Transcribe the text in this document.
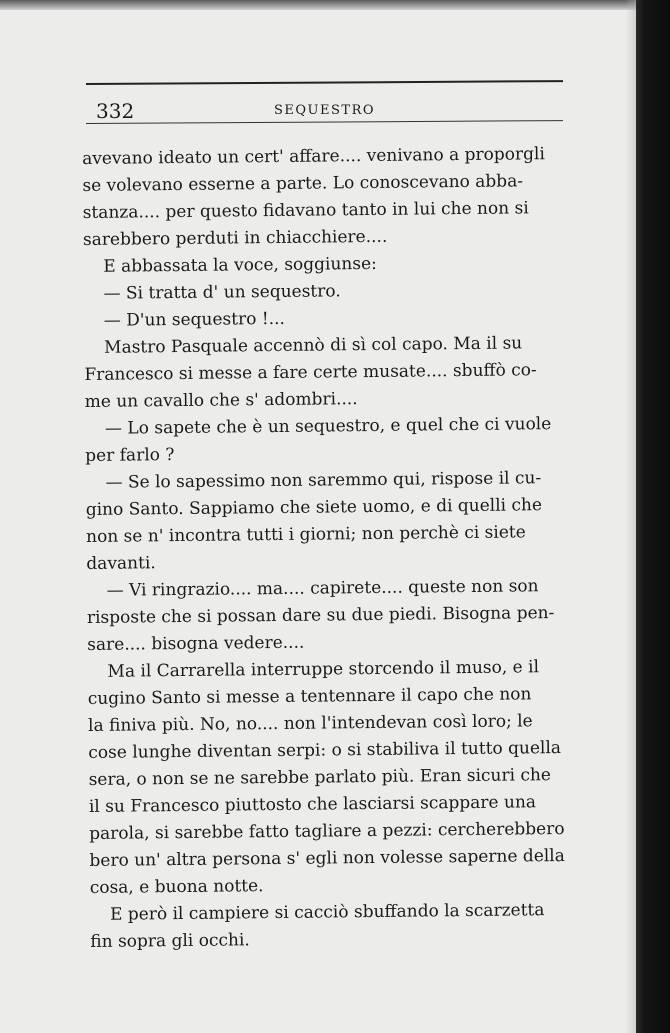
332	SEQUESTRO
avevano ideato un cert' affare.... venivano a proporgli
se volevano esserne a parte. Lo conoscevano abba-
stanza.... per questo fidavano tanto in lui che non si
sarebbero perduti in chiacchiere....
E abbassata la voce, soggiunse:
— Si tratta d' un sequestro.
— D'un sequestro !...
Mastro Pasquale accennò di sì col capo. Ma il su
Francesco si messe a fare certe musate.... sbuffò co-
me un cavallo che s' adombri....
— Lo sapete che è un sequestro, e quel che ci vuole
per farlo ?
— Se lo sapessimo non saremmo qui, rispose il cu-
gino Santo. Sappiamo che siete uomo, e di quelli che
non se n' incontra tutti i giorni; non perchè ci siete
davanti.
— Vi ringrazio.... ma.... capirete.... queste non son
risposte che si possan dare su due piedi. Bisogna pen-
sare.... bisogna vedere....
Ma il Carrarella interruppe storcendo il muso, e il
cugino Santo si messe a tentennare il capo che non
la finiva più. No, no.... non l'intendevan così loro; le
cose lunghe diventan serpi: o si stabiliva il tutto quella
sera, o non se ne sarebbe parlato più. Eran sicuri che
il su Francesco piuttosto che lasciarsi scappare una
parola, si sarebbe fatto tagliare a pezzi: cercherebbero
bero un' altra persona s' egli non volesse saperne della
cosa, e buona notte.
E però il campiere si cacciò sbuffando la scarzetta
fin sopra gli occhi.
